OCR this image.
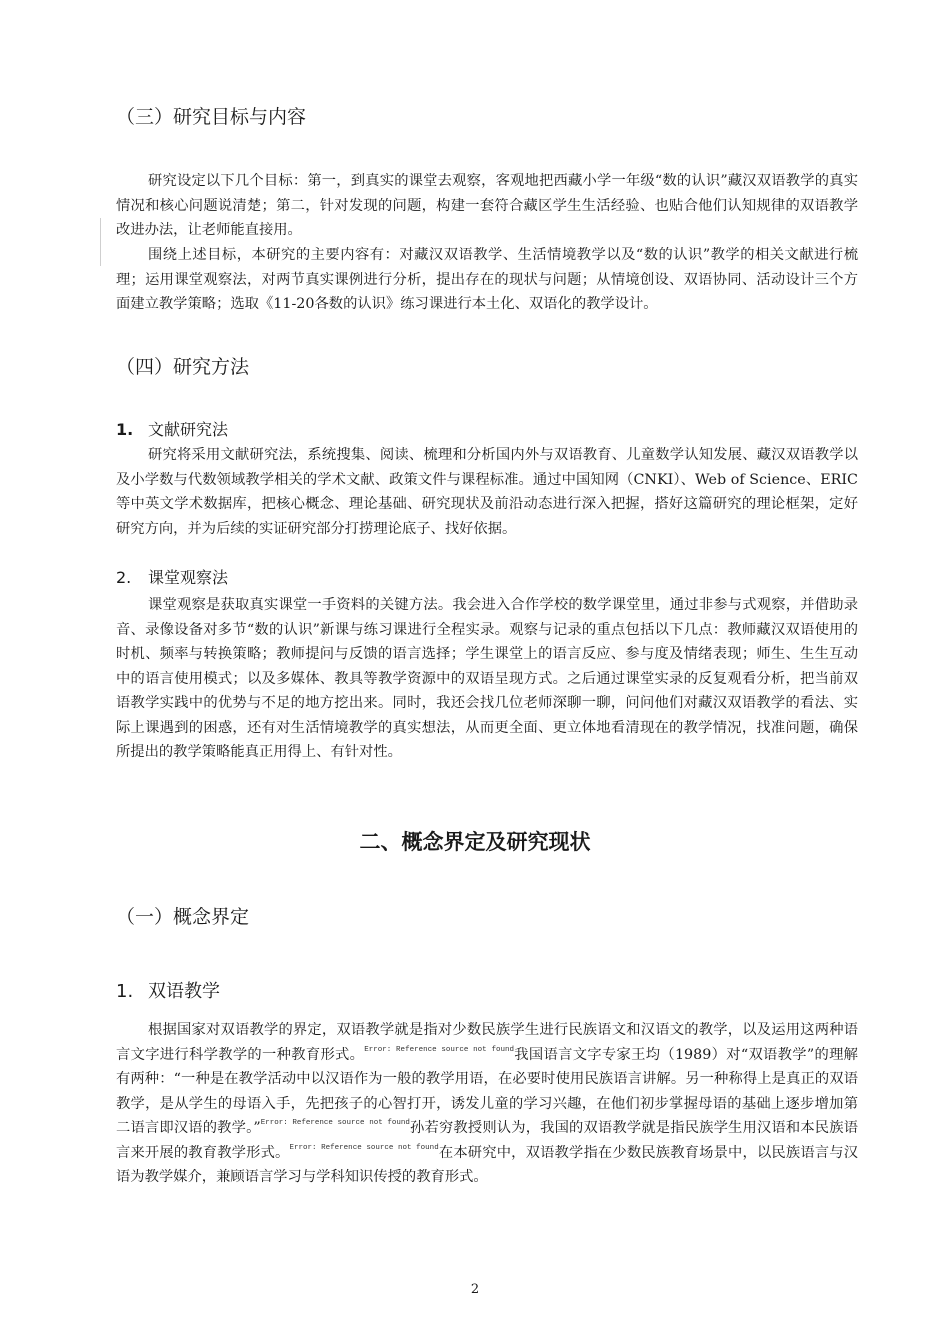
（三）研究目标与内容

研究设定以下几个目标：第一，到真实的课堂去观察，客观地把西藏小学一年级“数的认识”藏汉双语教学的真实情况和核心问题说清楚；第二，针对发现的问题，构建一套符合藏区学生生活经验、也贴合他们认知规律的双语教学改进办法，让老师能直接用。

围绕上述目标，本研究的主要内容有：对藏汉双语教学、生活情境教学以及“数的认识”教学的相关文献进行梳理；运用课堂观察法，对两节真实课例进行分析，提出存在的现状与问题；从情境创设、双语协同、活动设计三个方面建立教学策略；选取《11-20各数的认识》练习课进行本土化、双语化的教学设计。

（四）研究方法
1. 文献研究法

研究将采用文献研究法，系统搜集、阅读、梳理和分析国内外与双语教育、儿童数学认知发展、藏汉双语教学以及小学数与代数领域教学相关的学术文献、政策文件与课程标准。通过中国知网（CNKI）、Web of Science、ERIC等中英文学术数据库，把核心概念、理论基础、研究现状及前沿动态进行深入把握，搭好这篇研究的理论框架，定好研究方向，并为后续的实证研究部分打捞理论底子、找好依据。

2. 课堂观察法

课堂观察是获取真实课堂一手资料的关键方法。我会进入合作学校的数学课堂里，通过非参与式观察，并借助录音、录像设备对多节“数的认识”新课与练习课进行全程实录。观察与记录的重点包括以下几点：教师藏汉双语使用的时机、频率与转换策略；教师提问与反馈的语言选择；学生课堂上的语言反应、参与度及情绪表现；师生、生生互动中的语言使用模式；以及多媒体、教具等教学资源中的双语呈现方式。之后通过课堂实录的反复观看分析，把当前双语教学实践中的优势与不足的地方挖出来。同时，我还会找几位老师深聊一聊，问问他们对藏汉双语教学的看法、实际上课遇到的困惑，还有对生活情境教学的真实想法，从而更全面、更立体地看清现在的教学情况，找准问题，确保所提出的教学策略能真正用得上、有针对性。

二、概念界定及研究现状
（一）概念界定
1. 双语教学

根据国家对双语教学的界定，双语教学就是指对少数民族学生进行民族语文和汉语文的教学，以及运用这两种语言文字进行科学教学的一种教育形式。$^{Error: Reference source not found}$我国语言文字专家王均（1989）对“双语教学”的理解有两种：“一种是在教学活动中以汉语作为一般的教学用语，在必要时使用民族语言讲解。另一种称得上是真正的双语教学，是从学生的母语入手，先把孩子的心智打开，诱发儿童的学习兴趣，在他们初步掌握母语的基础上逐步增加第二语言即汉语的教学。”$^{Error: Reference source not found}$孙若穷教授则认为，我国的双语教学就是指民族学生用汉语和本民族语言来开展的教育教学形式。$^{Error: Reference source not found}$在本研究中，双语教学指在少数民族教育场景中，以民族语言与汉语为教学媒介，兼顾语言学习与学科知识传授的教育形式。

2
